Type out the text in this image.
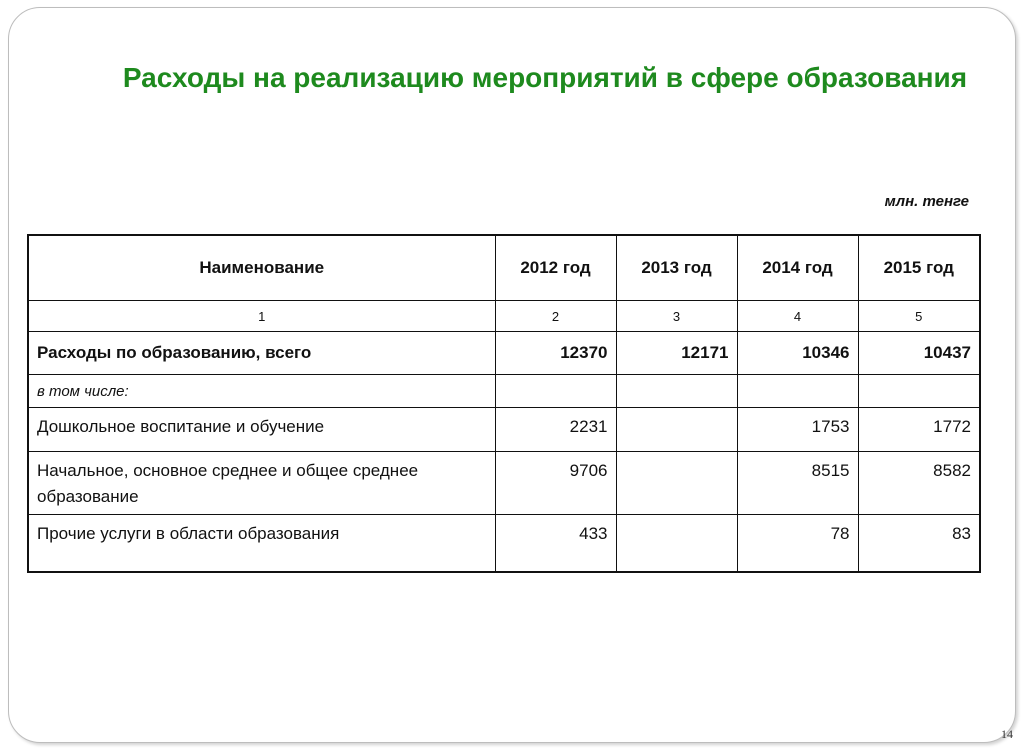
Расходы на реализацию мероприятий в сфере образования
млн. тенге
Наименование	2012 год	2013 год	2014 год	2015 год
1	2	3	4	5
Расходы по образованию, всего	12370	12171	10346	10437
в том числе:				
Дошкольное воспитание и обучение	2231		1753	1772
Начальное, основное среднее и общее среднее образование	9706		8515	8582
Прочие услуги в области образования	433		78	83
14
